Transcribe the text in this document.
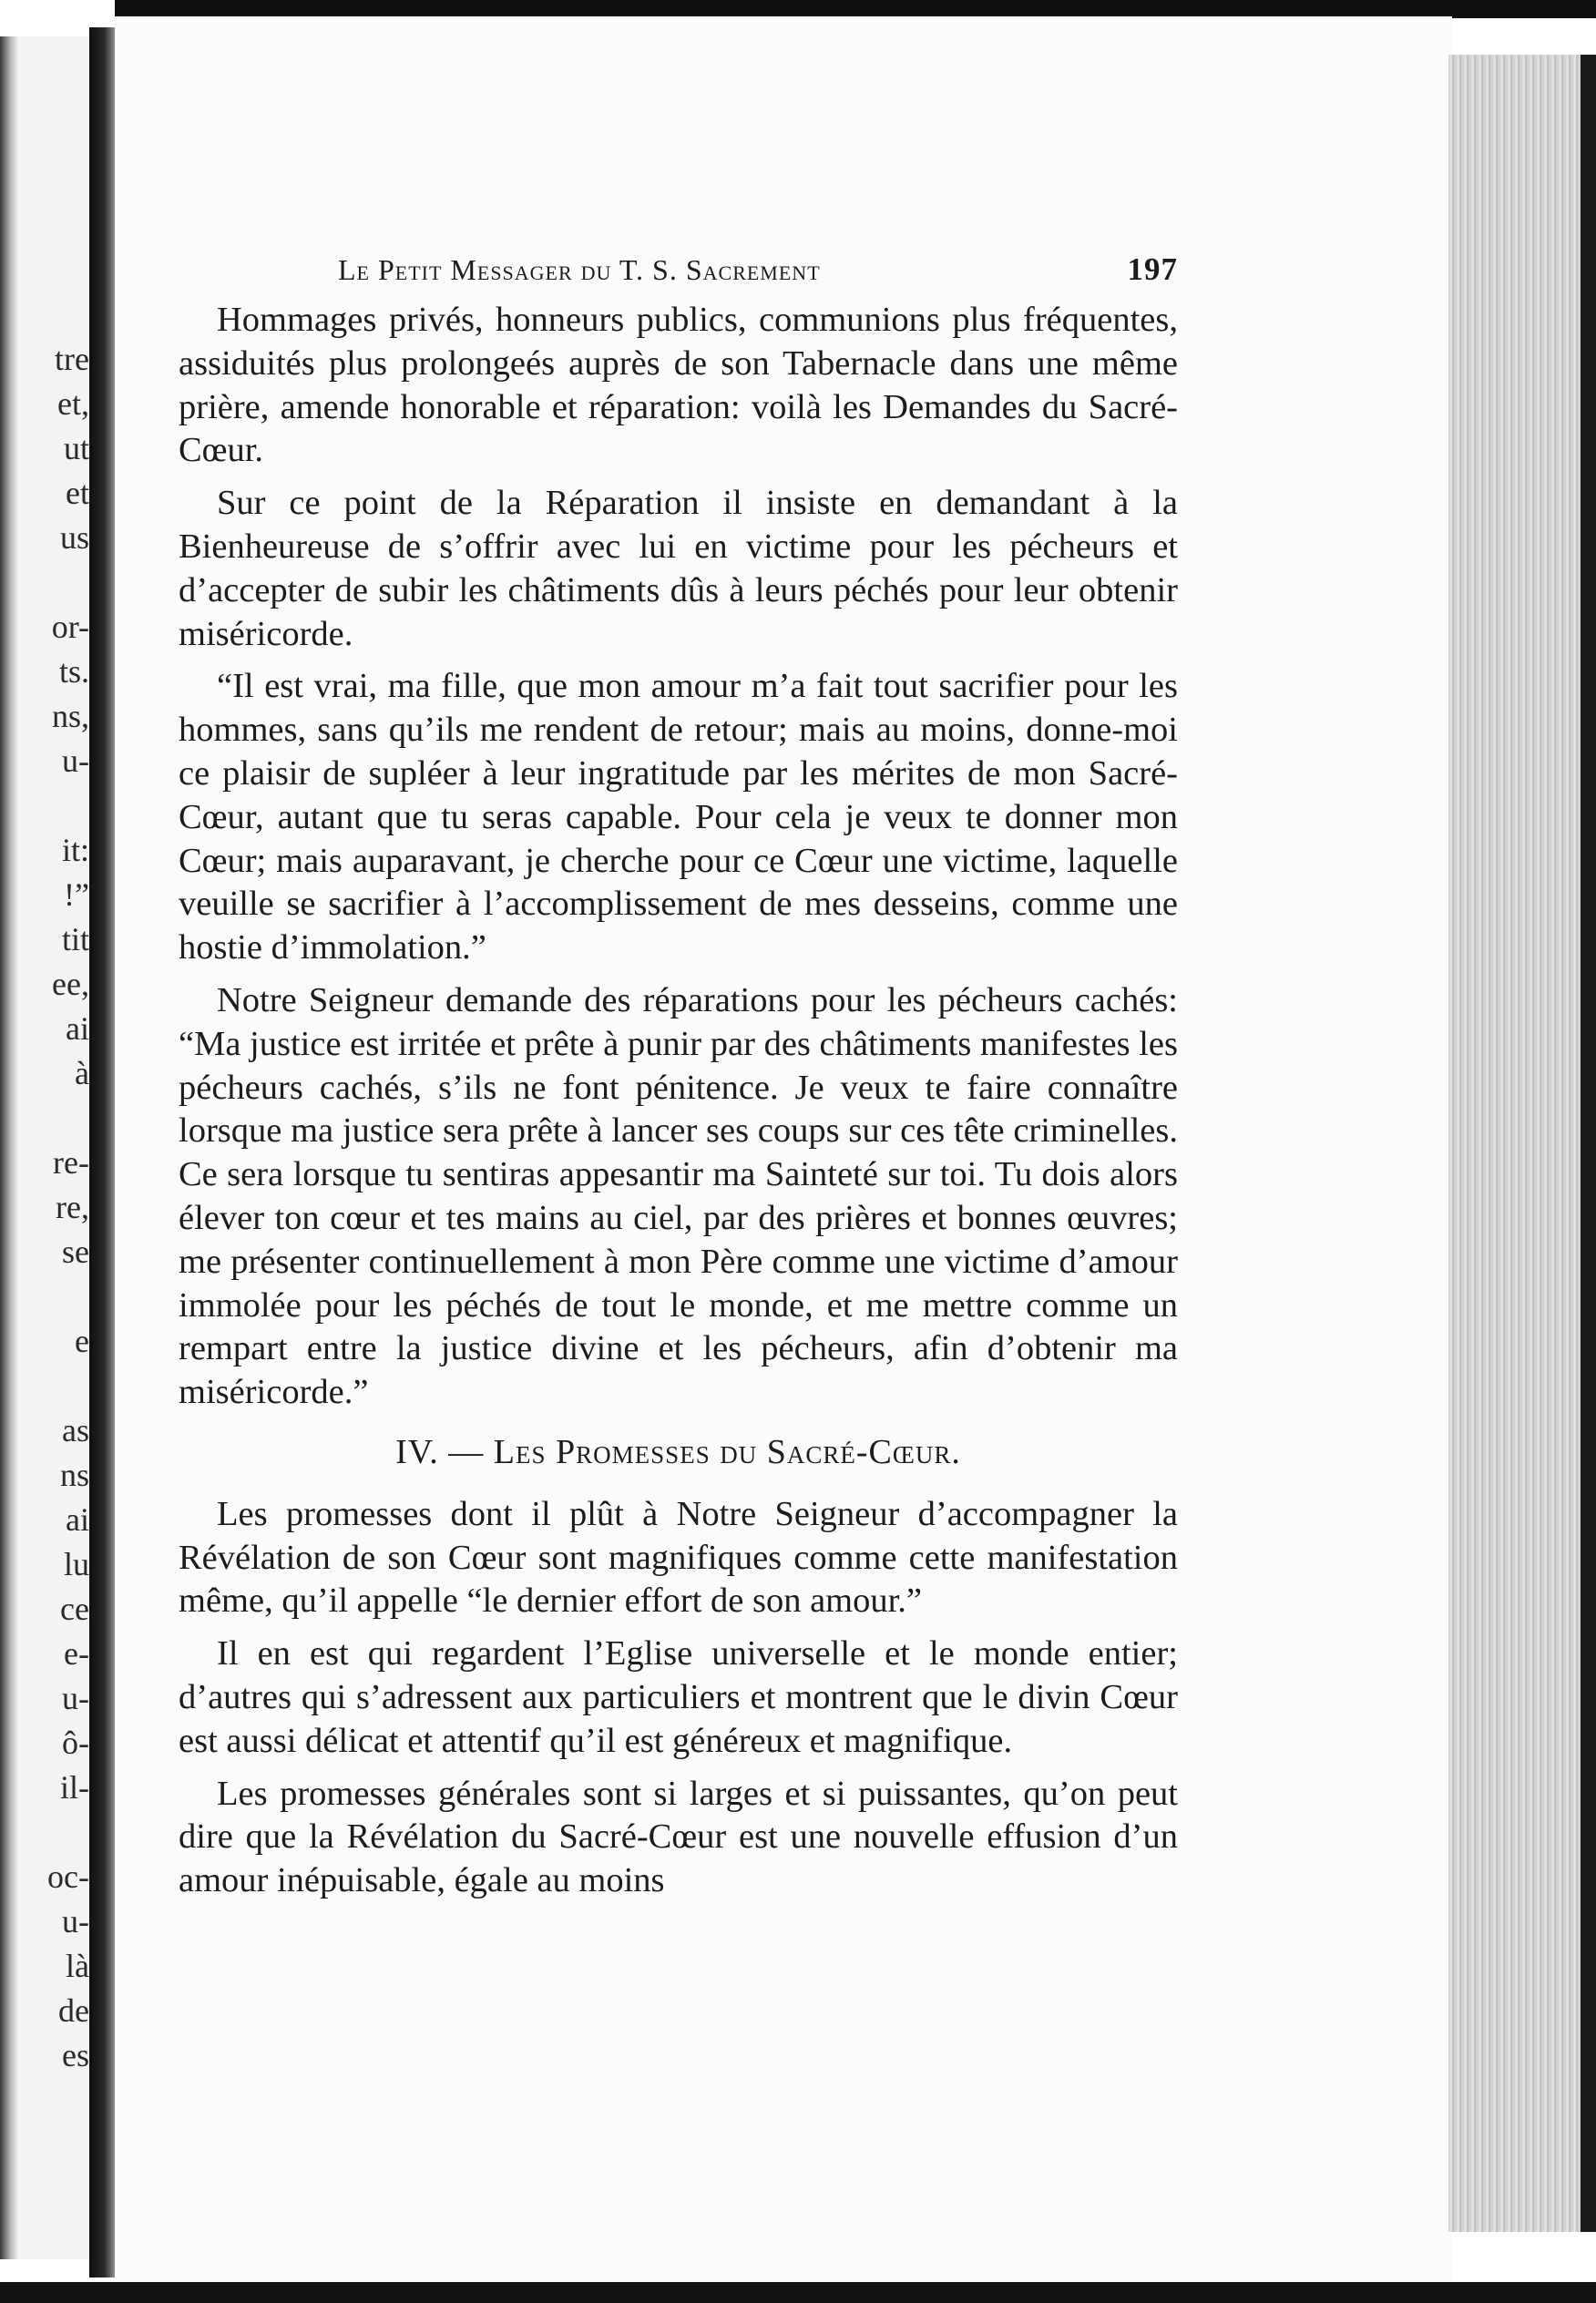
tre
et,
ut
et
us
or-
ts.
ns,
u-
it:
!”
tit
ee,
ai
à
re-
re,
se
e
as
ns
ai
lu
ce
e-
u-
ô-
il-
oc-
u-
là
de
es
Le Petit Messager du T. S. Sacrement	197

Hommages privés, honneurs publics, communions plus fréquentes, assiduités plus prolongeés auprès de son Tabernacle dans une même prière, amende honorable et réparation: voilà les Demandes du Sacré-Cœur.

Sur ce point de la Réparation il insiste en demandant à la Bienheureuse de s’offrir avec lui en victime pour les pécheurs et d’accepter de subir les châtiments dûs à leurs péchés pour leur obtenir miséricorde.

“Il est vrai, ma fille, que mon amour m’a fait tout sacrifier pour les hommes, sans qu’ils me rendent de retour; mais au moins, donne-moi ce plaisir de supléer à leur ingratitude par les mérites de mon Sacré-Cœur, autant que tu seras capable. Pour cela je veux te donner mon Cœur; mais auparavant, je cherche pour ce Cœur une victime, laquelle veuille se sacrifier à l’accomplissement de mes desseins, comme une hostie d’immolation.”

Notre Seigneur demande des réparations pour les pécheurs cachés: “Ma justice est irritée et prête à punir par des châtiments manifestes les pécheurs cachés, s’ils ne font pénitence. Je veux te faire connaître lorsque ma justice sera prête à lancer ses coups sur ces tête criminelles. Ce sera lorsque tu sentiras appesantir ma Sainteté sur toi. Tu dois alors élever ton cœur et tes mains au ciel, par des prières et bonnes œuvres; me présenter continuellement à mon Père comme une victime d’amour immolée pour les péchés de tout le monde, et me mettre comme un rempart entre la justice divine et les pécheurs, afin d’obtenir ma miséricorde.”

IV. — Les Promesses du Sacré-Cœur.

Les promesses dont il plût à Notre Seigneur d’accompagner la Révélation de son Cœur sont magnifiques comme cette manifestation même, qu’il appelle “le dernier effort de son amour.”

Il en est qui regardent l’Eglise universelle et le monde entier; d’autres qui s’adressent aux particuliers et montrent que le divin Cœur est aussi délicat et attentif qu’il est généreux et magnifique.

Les promesses générales sont si larges et si puissantes, qu’on peut dire que la Révélation du Sacré-Cœur est une nouvelle effusion d’un amour inépuisable, égale au moins
